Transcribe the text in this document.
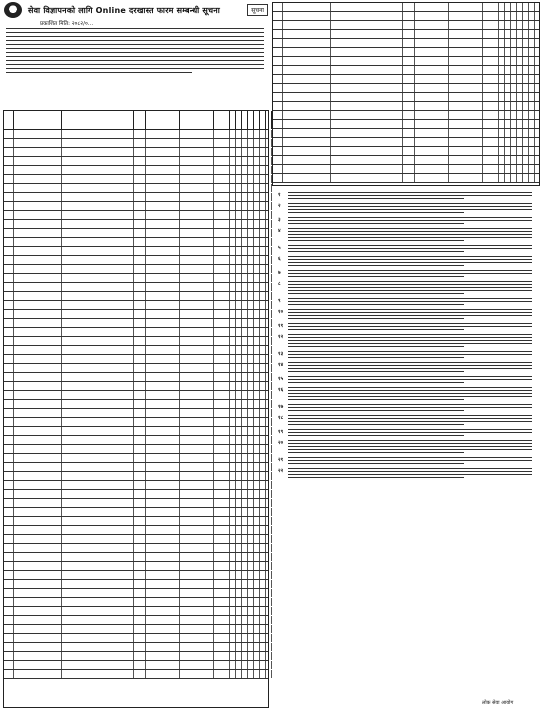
सेवा विज्ञापनको लागि Online दरखास्त फारम सम्बन्धी सूचना	सूचना
प्रकाशित मिति: २०८२/०...
१
२
३
४
५
६
७
८
९
१०
११
१२
१३
१४
१५
१६
१७
१८
१९
२०
२१
२२
लोक सेवा आयोग
